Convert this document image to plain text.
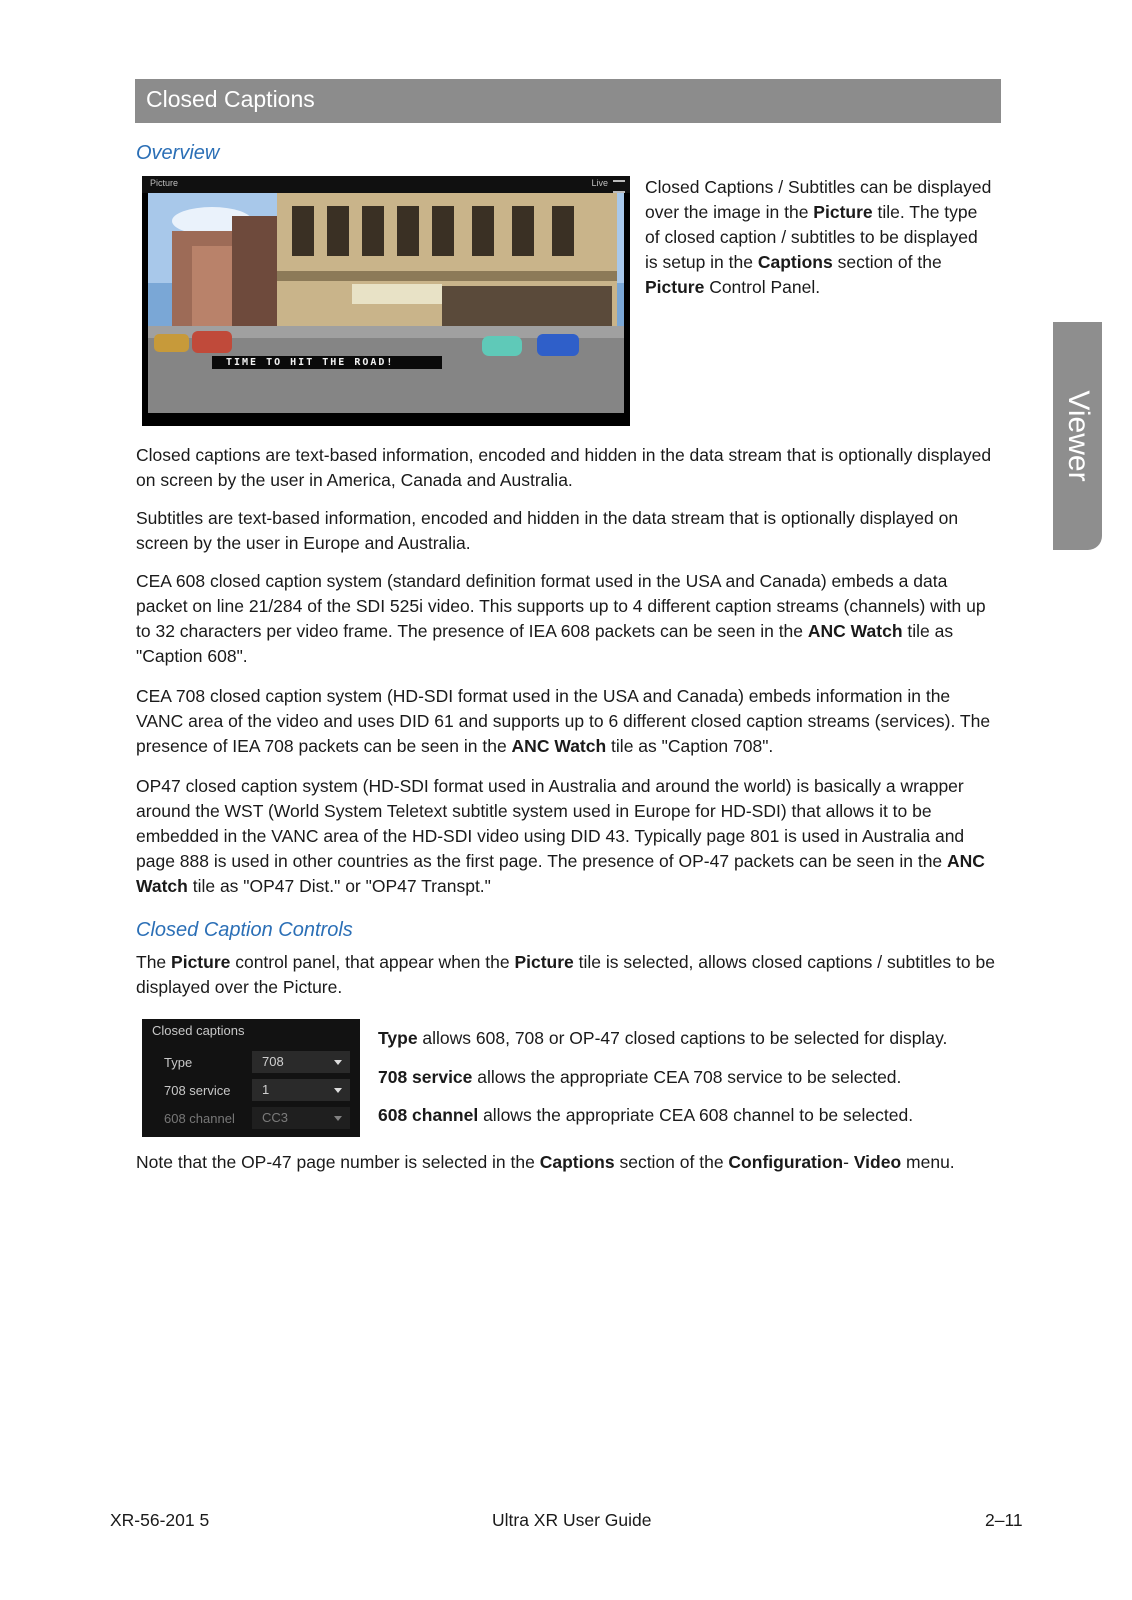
Closed Captions
Viewer
Overview
Picture	Live
TIME TO HIT THE ROAD!

Closed Captions / Subtitles can be displayed over the image in the Picture tile. The type of closed caption / subtitles to be displayed is setup in the Captions section of the Picture Control Panel.

Closed captions are text-based information, encoded and hidden in the data stream that is optionally displayed on screen by the user in America, Canada and Australia.

Subtitles are text-based information, encoded and hidden in the data stream that is optionally displayed on screen by the user in Europe and Australia.

CEA 608 closed caption system (standard definition format used in the USA and Canada) embeds a data packet on line 21/284 of the SDI 525i video. This supports up to 4 different caption streams (channels) with up to 32 characters per video frame. The presence of IEA 608 packets can be seen in the ANC Watch tile as "Caption 608".

CEA 708 closed caption system (HD-SDI format used in the USA and Canada) embeds information in the VANC area of the video and uses DID 61 and supports up to 6 different closed caption streams (services). The presence of IEA 708 packets can be seen in the ANC Watch tile as "Caption 708".

OP47 closed caption system (HD-SDI format used in Australia and around the world) is basically a wrapper around the WST (World System Teletext subtitle system used in Europe for HD-SDI) that allows it to be embedded in the VANC area of the HD-SDI video using DID 43. Typically page 801 is used in Australia and page 888 is used in other countries as the first page. The presence of OP-47 packets can be seen in the ANC Watch tile as "OP47 Dist." or "OP47 Transpt."

Closed Caption Controls

The Picture control panel, that appear when the Picture tile is selected, allows closed captions / subtitles to be displayed over the Picture.

Closed captions
Type	708
708 service 1
608 channel CC3

Type allows 608, 708 or OP-47 closed captions to be selected for display.

708 service allows the appropriate CEA 708 service to be selected.

608 channel allows the appropriate CEA 608 channel to be selected.

Note that the OP-47 page number is selected in the Captions section of the Configuration- Video menu.

XR-56-201 5	Ultra XR User Guide	2–11
